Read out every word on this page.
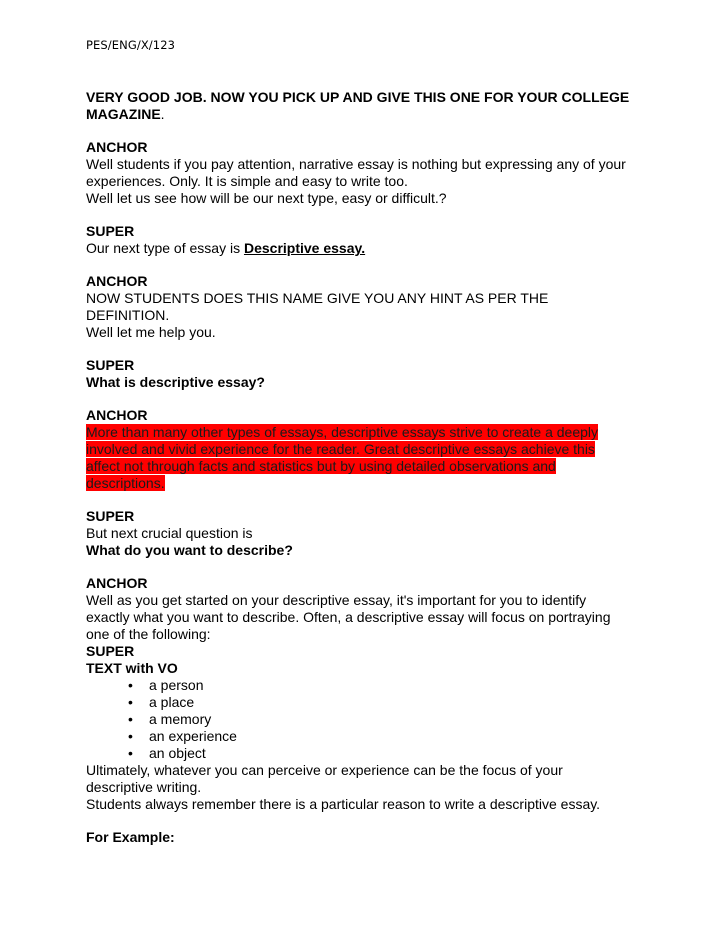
PES/ENG/X/123

VERY GOOD JOB. NOW YOU PICK UP AND GIVE THIS ONE FOR YOUR COLLEGE

MAGAZINE.

ANCHOR

Well students if you pay attention, narrative essay is nothing but expressing any of your

experiences. Only. It is simple and easy to write too.

Well let us see how will be our next type, easy or difficult.?

SUPER

Our next type of essay is Descriptive essay.

ANCHOR

NOW STUDENTS DOES THIS NAME GIVE YOU ANY HINT AS PER THE

DEFINITION.

Well let me help you.

SUPER

What is descriptive essay?

ANCHOR

More than many other types of essays, descriptive essays strive to create a deeply

involved and vivid experience for the reader. Great descriptive essays achieve this

affect not through facts and statistics but by using detailed observations and

descriptions.

SUPER

But next crucial question is

What do you want to describe?

ANCHOR

Well as you get started on your descriptive essay, it's important for you to identify

exactly what you want to describe. Often, a descriptive essay will focus on portraying

one of the following:

SUPER

TEXT with VO

• a person
• a place
• a memory
• an experience
• an object

Ultimately, whatever you can perceive or experience can be the focus of your

descriptive writing.

Students always remember there is a particular reason to write a descriptive essay.

For Example:
